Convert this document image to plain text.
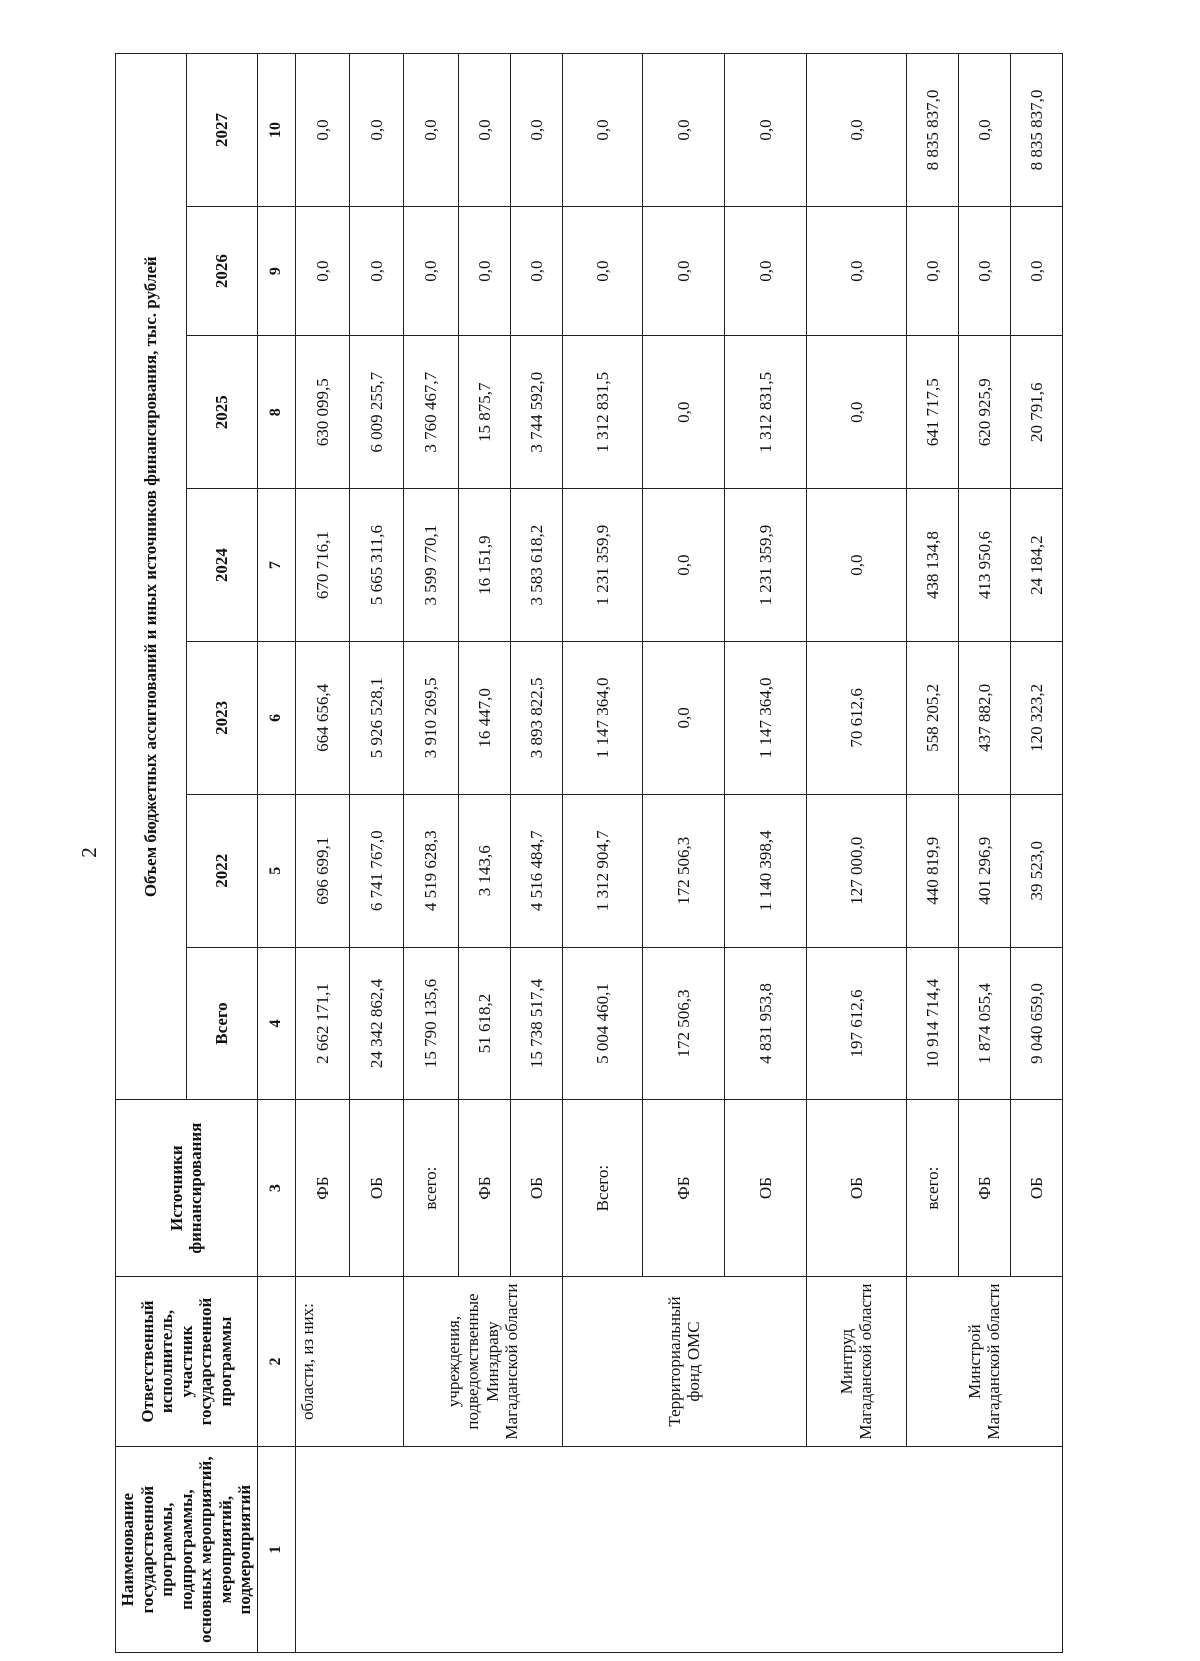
2
Наименование государственной программы, подпрограммы, основных мероприятий, мероприятий, подмероприятий	Ответственный исполнитель, участник государственной программы	Источники финансирования	Объем бюджетных ассигнований и иных источников финансирования, тыс. рублей						
			Всего	2022	2023	2024	2025	2026	2027
1	2	3	4	5	6	7	8	9	10
	области, из них:	ФБ	2 662 171,1	696 699,1	664 656,4	670 716,1	630 099,5	0,0	0,0
		ОБ	24 342 862,4	6 741 767,0	5 926 528,1	5 665 311,6	6 009 255,7	0,0	0,0
	учреждения, подведомственные Минздраву Магаданской области	всего:	15 790 135,6	4 519 628,3	3 910 269,5	3 599 770,1	3 760 467,7	0,0	0,0
		ФБ	51 618,2	3 143,6	16 447,0	16 151,9	15 875,7	0,0	0,0
		ОБ	15 738 517,4	4 516 484,7	3 893 822,5	3 583 618,2	3 744 592,0	0,0	0,0
	Территориальный фонд ОМС	Всего:	5 004 460,1	1 312 904,7	1 147 364,0	1 231 359,9	1 312 831,5	0,0	0,0
		ФБ	172 506,3	172 506,3	0,0	0,0	0,0	0,0	0,0
		ОБ	4 831 953,8	1 140 398,4	1 147 364,0	1 231 359,9	1 312 831,5	0,0	0,0
	Минтруд Магаданской области	ОБ	197 612,6	127 000,0	70 612,6	0,0	0,0	0,0	0,0
	Минстрой Магаданской области	всего:	10 914 714,4	440 819,9	558 205,2	438 134,8	641 717,5	0,0	8 835 837,0
		ФБ	1 874 055,4	401 296,9	437 882,0	413 950,6	620 925,9	0,0	0,0
		ОБ	9 040 659,0	39 523,0	120 323,2	24 184,2	20 791,6	0,0	8 835 837,0
